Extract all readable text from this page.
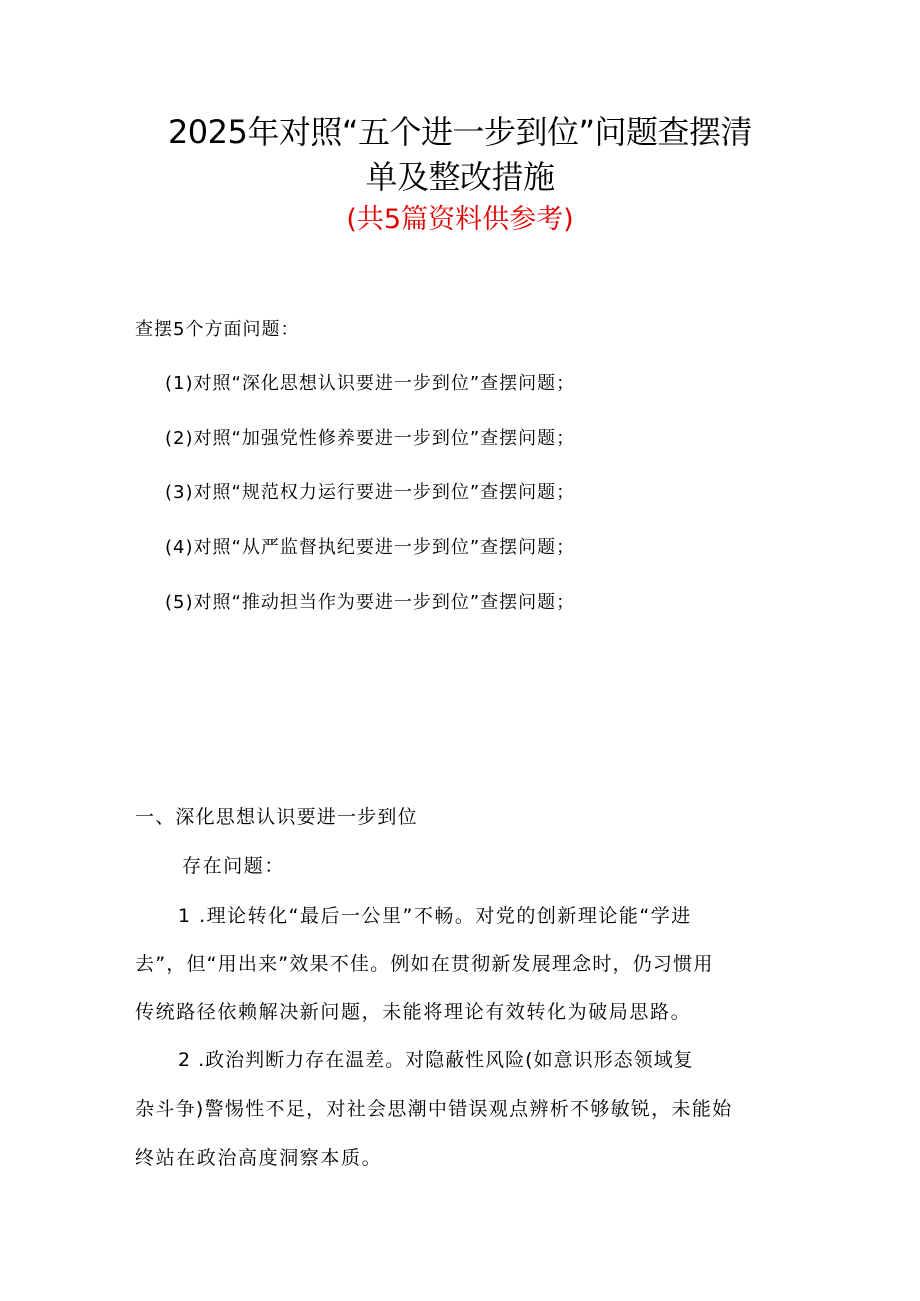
2025年对照“五个进一步到位”问题查摆清
单及整改措施
(共5篇资料供参考)
查摆5个方面问题：
(1)对照“深化思想认识要进一步到位”查摆问题；
(2)对照“加强党性修养要进一步到位”查摆问题；
(3)对照“规范权力运行要进一步到位”查摆问题；
(4)对照“从严监督执纪要进一步到位”查摆问题；
(5)对照“推动担当作为要进一步到位”查摆问题；
一、深化思想认识要进一步到位
存在问题：
1 .理论转化“最后一公里”不畅。对党的创新理论能“学进
去”，但“用出来”效果不佳。例如在贯彻新发展理念时，仍习惯用
传统路径依赖解决新问题，未能将理论有效转化为破局思路。
2 .政治判断力存在温差。对隐蔽性风险(如意识形态领域复
杂斗争)警惕性不足，对社会思潮中错误观点辨析不够敏锐，未能始
终站在政治高度洞察本质。
